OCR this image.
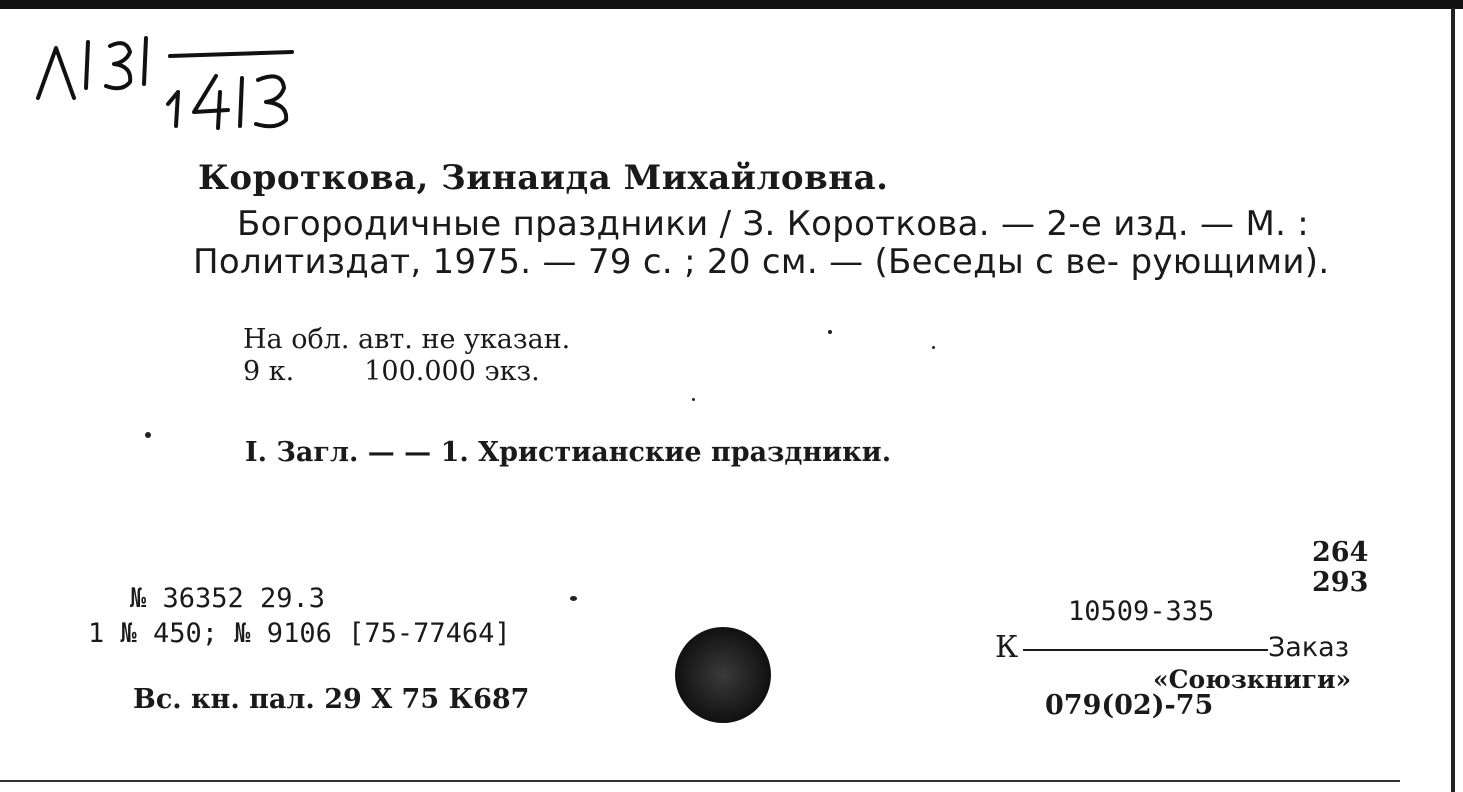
Короткова, Зинаида Михайловна.
Богородичные праздники / З. Короткова. — 2-е изд. — М. : Политиздат, 1975. — 79 с. ; 20 см. — (Беседы с ве- рующими).
На обл. авт. не указан.
9 к.	100.000 экз.
I. Загл. — — 1. Христианские праздники.
№ 36352 29.3
1 № 450; № 9106 [75-77464]
Вс. кн. пал. 29 X 75 К687
264
293
10509-335
К	Заказ
«Союзкниги»
079(02)-75
